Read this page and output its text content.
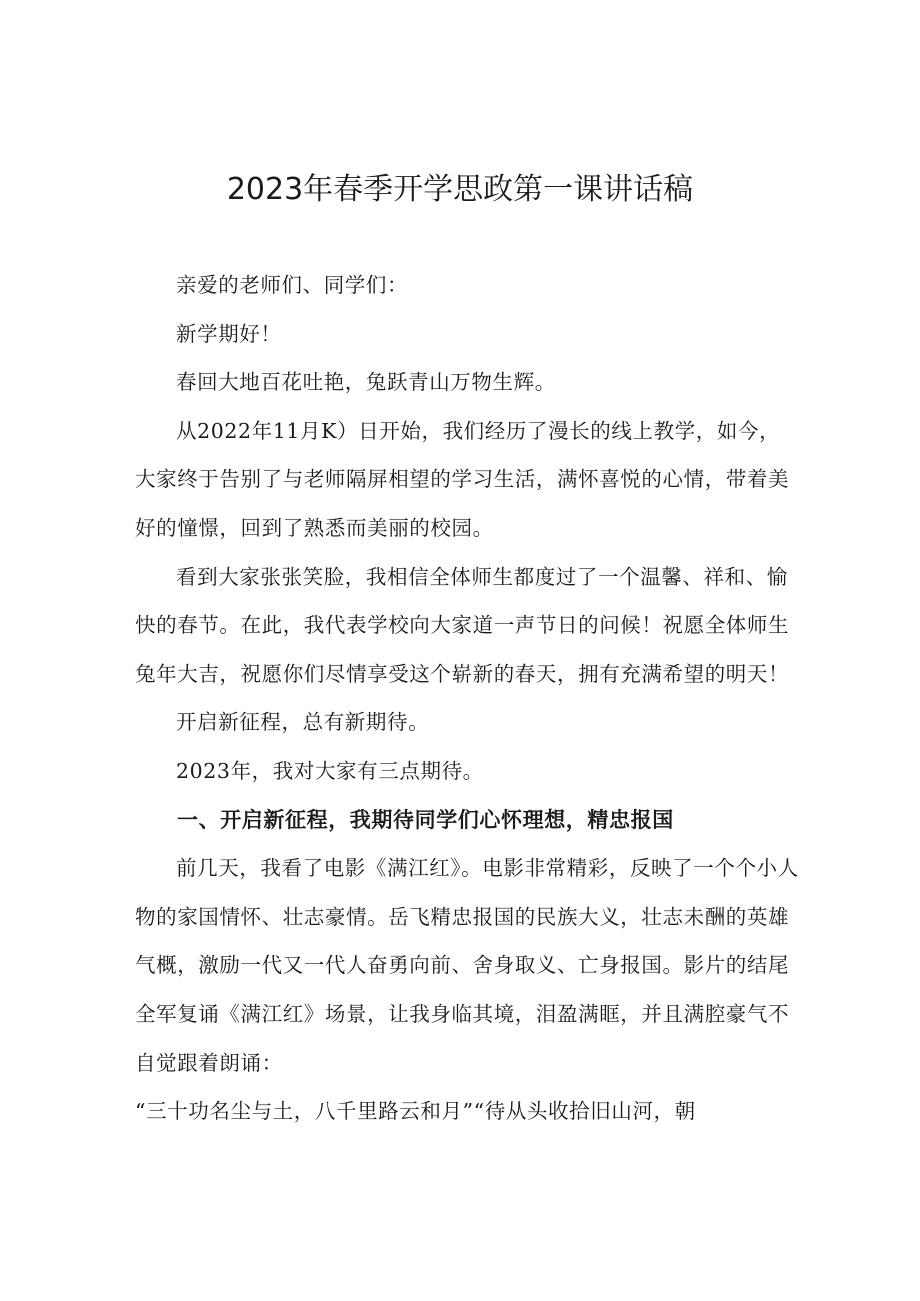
2023年春季开学思政第一课讲话稿

亲爱的老师们、同学们：

新学期好！

春回大地百花吐艳，兔跃青山万物生辉。

从2022年11月K）日开始，我们经历了漫长的线上教学，如今，大家终于告别了与老师隔屏相望的学习生活，满怀喜悦的心情，带着美好的憧憬，回到了熟悉而美丽的校园。

看到大家张张笑脸，我相信全体师生都度过了一个温馨、祥和、愉快的春节。在此，我代表学校向大家道一声节日的问候！祝愿全体师生兔年大吉，祝愿你们尽情享受这个崭新的春天，拥有充满希望的明天！

开启新征程，总有新期待。

2023年，我对大家有三点期待。

一、开启新征程，我期待同学们心怀理想，精忠报国

前几天，我看了电影《满江红》。电影非常精彩，反映了一个个小人物的家国情怀、壮志豪情。岳飞精忠报国的民族大义，壮志未酬的英雄气概，激励一代又一代人奋勇向前、舍身取义、亡身报国。影片的结尾全军复诵《满江红》场景，让我身临其境，泪盈满眶，并且满腔豪气不自觉跟着朗诵：

“三十功名尘与土，八千里路云和月”“待从头收拾旧山河，朝
